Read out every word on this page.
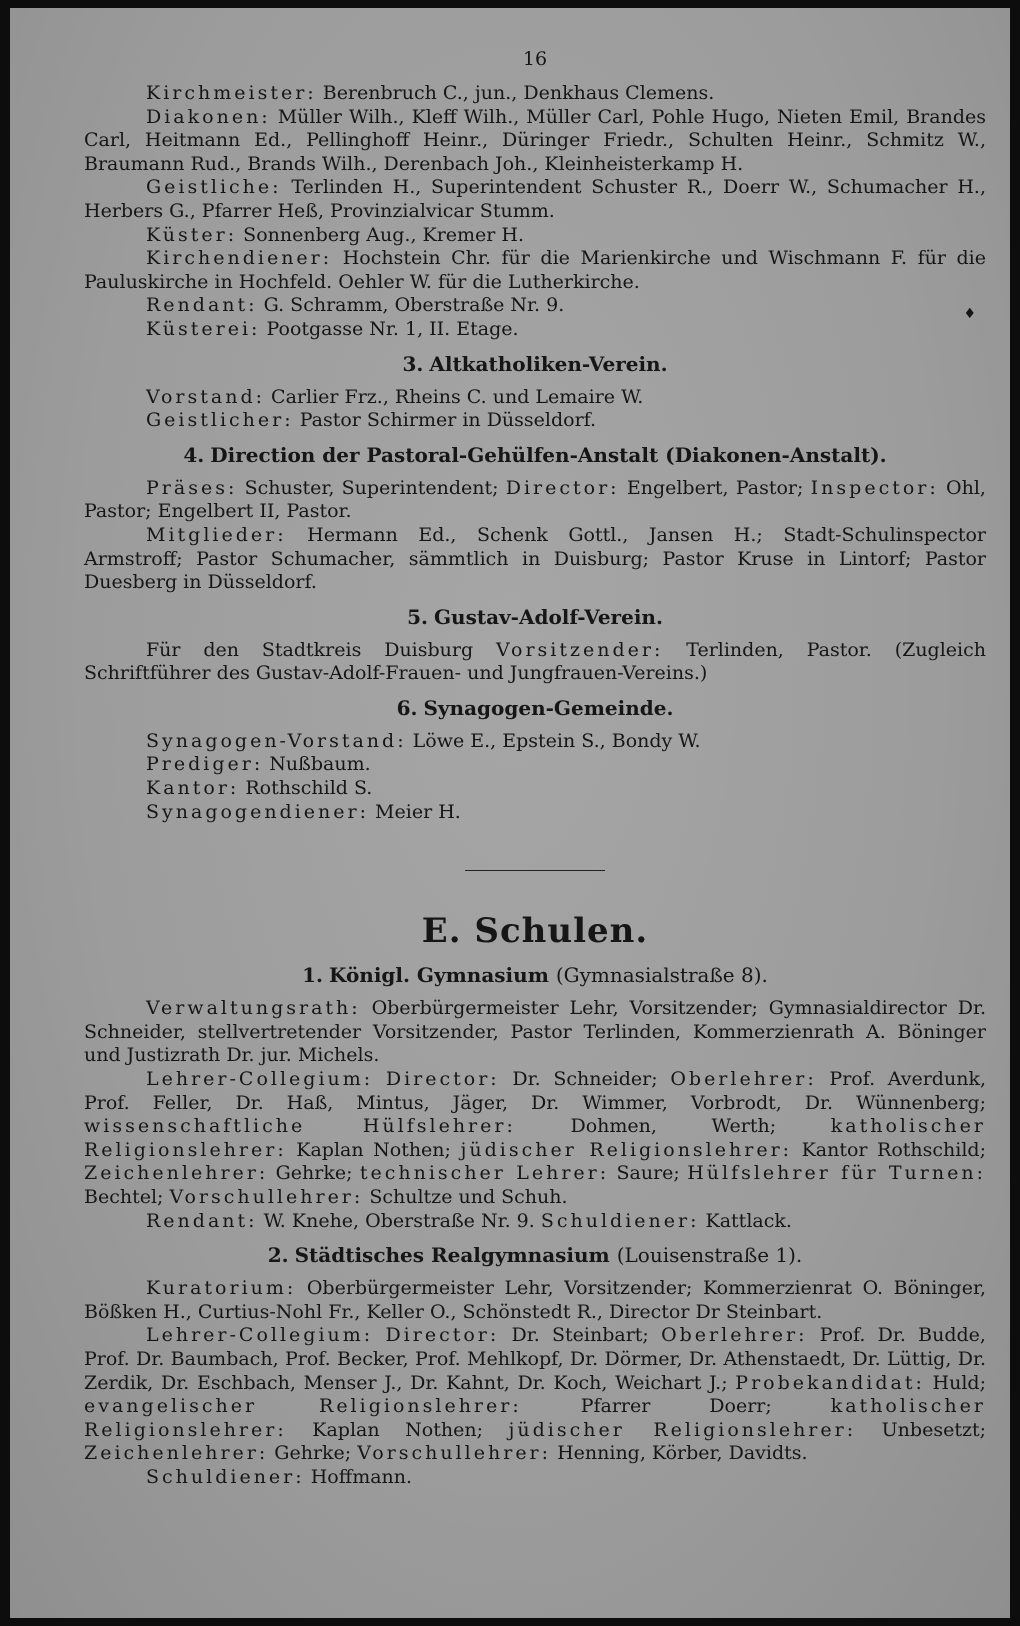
♦
16

Kirchmeister: Berenbruch C., jun., Denkhaus Clemens.

Diakonen: Müller Wilh., Kleff Wilh., Müller Carl, Pohle Hugo, Nieten Emil, Brandes Carl, Heitmann Ed., Pellinghoff Heinr., Düringer Friedr., Schulten Heinr., Schmitz W., Braumann Rud., Brands Wilh., Derenbach Joh., Kleinheisterkamp H.

Geistliche: Terlinden H., Superintendent Schuster R., Doerr W., Schumacher H., Herbers G., Pfarrer Heß, Provinzialvicar Stumm.

Küster: Sonnenberg Aug., Kremer H.

Kirchendiener: Hochstein Chr. für die Marienkirche und Wischmann F. für die Pauluskirche in Hochfeld. Oehler W. für die Lutherkirche.

Rendant: G. Schramm, Oberstraße Nr. 9.

Küsterei: Pootgasse Nr. 1, II. Etage.

3. Altkatholiken-Verein.

Vorstand: Carlier Frz., Rheins C. und Lemaire W.

Geistlicher: Pastor Schirmer in Düsseldorf.

4. Direction der Pastoral-Gehülfen-Anstalt (Diakonen-Anstalt).

Präses: Schuster, Superintendent; Director: Engelbert, Pastor; Inspector: Ohl, Pastor; Engelbert II, Pastor.

Mitglieder: Hermann Ed., Schenk Gottl., Jansen H.; Stadt-Schulinspector Armstroff; Pastor Schumacher, sämmtlich in Duisburg; Pastor Kruse in Lintorf; Pastor Duesberg in Düsseldorf.

5. Gustav-Adolf-Verein.

Für den Stadtkreis Duisburg Vorsitzender: Terlinden, Pastor. (Zugleich Schriftführer des Gustav-Adolf-Frauen- und Jungfrauen-Vereins.)

6. Synagogen-Gemeinde.

Synagogen-Vorstand: Löwe E., Epstein S., Bondy W.

Prediger: Nußbaum.

Kantor: Rothschild S.

Synagogendiener: Meier H.

E. Schulen.
1. Königl. Gymnasium (Gymnasialstraße 8).

Verwaltungsrath: Oberbürgermeister Lehr, Vorsitzender; Gymnasialdirector Dr. Schneider, stellvertretender Vorsitzender, Pastor Terlinden, Kommerzienrath A. Böninger und Justizrath Dr. jur. Michels.

Lehrer-Collegium: Director: Dr. Schneider; Oberlehrer: Prof. Averdunk, Prof. Feller, Dr. Haß, Mintus, Jäger, Dr. Wimmer, Vorbrodt, Dr. Wünnenberg; wissenschaftliche Hülfslehrer: Dohmen, Werth; katholischer Religionslehrer: Kaplan Nothen; jüdischer Religionslehrer: Kantor Rothschild; Zeichenlehrer: Gehrke; technischer Lehrer: Saure; Hülfslehrer für Turnen: Bechtel; Vorschullehrer: Schultze und Schuh.

Rendant: W. Knehe, Oberstraße Nr. 9. Schuldiener: Kattlack.

2. Städtisches Realgymnasium (Louisenstraße 1).

Kuratorium: Oberbürgermeister Lehr, Vorsitzender; Kommerzienrat O. Böninger, Bößken H., Curtius-Nohl Fr., Keller O., Schönstedt R., Director Dr Steinbart.

Lehrer-Collegium: Director: Dr. Steinbart; Oberlehrer: Prof. Dr. Budde, Prof. Dr. Baumbach, Prof. Becker, Prof. Mehlkopf, Dr. Dörmer, Dr. Athenstaedt, Dr. Lüttig, Dr. Zerdik, Dr. Eschbach, Menser J., Dr. Kahnt, Dr. Koch, Weichart J.; Probekandidat: Huld; evangelischer Religionslehrer: Pfarrer Doerr; katholischer Religionslehrer: Kaplan Nothen; jüdischer Religionslehrer: Unbesetzt; Zeichenlehrer: Gehrke; Vorschullehrer: Henning, Körber, Davidts.

Schuldiener: Hoffmann.
